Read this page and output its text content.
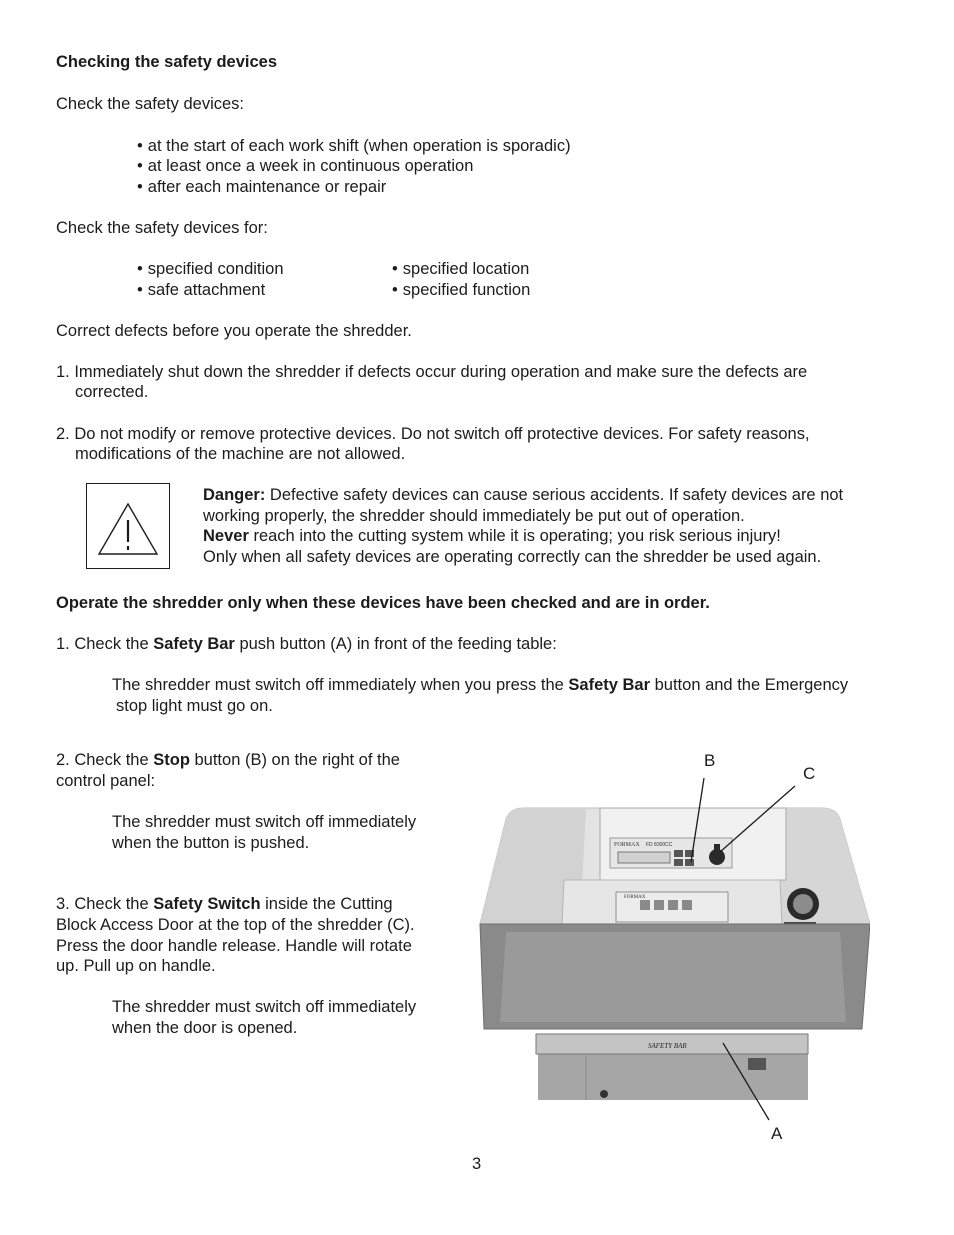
Checking the safety devices
Check the safety devices:
• at the start of each work shift (when operation is sporadic)
• at least once a week in continuous operation
• after each maintenance or repair
Check the safety devices for:
• specified condition	• specified location
• safe attachment	• specified function
Correct defects before you operate the shredder.
1. Immediately shut down the shredder if defects occur during operation and make sure the defects are
corrected.
2. Do not modify or remove protective devices. Do not switch off protective devices. For safety reasons,
modifications of the machine are not allowed.
Danger: Defective safety devices can cause serious accidents. If safety devices are not
working properly, the shredder should immediately be put out of operation.
Never reach into the cutting system while it is operating; you risk serious injury!
Only when all safety devices are operating correctly can the shredder be used again.
Operate the shredder only when these devices have been checked and are in order.
1. Check the Safety Bar push button (A) in front of the feeding table:
The shredder must switch off immediately when you press the Safety Bar button and the Emergency
stop light must go on.
2. Check the Stop button (B) on the right of the
control panel:
The shredder must switch off immediately
when the button is pushed.
3. Check the Safety Switch inside the Cutting
Block Access Door at the top of the shredder (C).
Press the door handle release. Handle will rotate
up. Pull up on handle.
The shredder must switch off immediately
when the door is opened.
FORMAX FD 8300CC
FORMAX
SAFETY BAR
B
C
A
3
